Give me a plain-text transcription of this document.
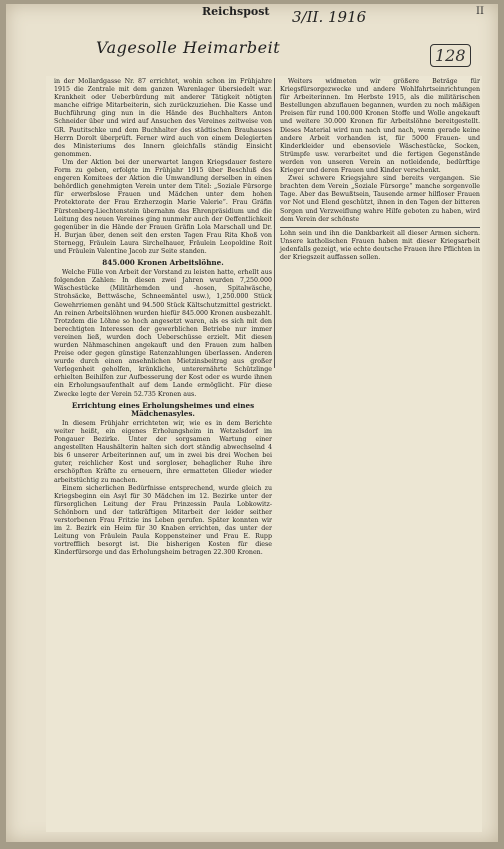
Reichspost 3/II. 1916	II
Vagesolle Heimarbeit	128

in der Mollardgasse Nr. 87 errichtet, wohin schon im Frühjahre 1915 die Zentrale mit dem ganzen Warenlager übersiedelt war. Krankheit oder Ueberbürdung mit anderer Tätigkeit nötigten manche eifrige Mitarbeiterin, sich zurückzuziehen. Die Kasse und Buchführung ging nun in die Hände des Buchhalters Anton Schneider über und wird auf Ansuchen des Vereines zeitweise von GR. Pautitschke und dem Buchhalter des städtischen Brauhauses Herrn Dorolt überprüft. Ferner wird auch von einem Delegierten des Ministeriums des Innern gleichfalls ständig Einsicht genommen.

Um der Aktion bei der unerwartet langen Kriegsdauer festere Form zu geben, erfolgte im Frühjahr 1915 über Beschluß des engeren Komitees der Aktion die Umwandlung derselben in einen behördlich genehmigten Verein unter dem Titel: „Soziale Fürsorge für erwerbslose Frauen und Mädchen unter dem hohen Protektorate der Frau Erzherzogin Marie Valerie“. Frau Gräfin Fürstenberg-Liechtenstein übernahm das Ehrenpräsidium und die Leitung des neuen Vereines ging nunmehr auch der Oeffentlichkeit gegenüber in die Hände der Frauen Gräfin Lola Marschall und Dr. H. Burjan über, denen seit den ersten Tagen Frau Rita Khoß von Sternegg, Fräulein Laura Sirchelhauer, Fräulein Leopoldine Roit und Fräulein Valentine Jacob zur Seite standen.

845.000 Kronen Arbeitslöhne.

Welche Fülle von Arbeit der Vorstand zu leisten hatte, erhellt aus folgenden Zahlen: In diesen zwei Jahren wurden 7,250.000 Wäschestücke (Militärhemden und -hosen, Spitalwäsche, Strohsäcke, Bettwäsche, Schneemäntel usw.), 1,250.000 Stück Gewehrriemen genäht und 94.500 Stück Kältschutzmittel gestrickt. An reinen Arbeitslöhnen wurden hiefür 845.000 Kronen ausbezahlt. Trotzdem die Löhne so hoch angesetzt waren, als es sich mit den berechtigten Interessen der gewerblichen Betriebe nur immer vereinen ließ, wurden doch Ueberschüsse erzielt. Mit diesen wurden Nähmaschinen angekauft und den Frauen zum halben Preise oder gegen günstige Ratenzahlungen überlassen. Anderen wurde durch einen ansehnlichen Mietzinsbeitrag aus großer Verlegenheit geholfen, kränkliche, unterernährte Schützlinge erhielten Beihilfen zur Aufbesserung der Kost oder es wurde ihnen ein Erholungsaufenthalt auf dem Lande ermöglicht. Für diese Zwecke legte der Verein 52.735 Kronen aus.

Errichtung eines Erholungsheimes und eines Mädchenasyles.

In diesem Frühjahr errichteten wir, wie es in dem Berichte weiter heißt, ein eigenes Erholungsheim in Wetzelsdorf im Pongauer Bezirke. Unter der sorgsamen Wartung einer angestellten Haushälterin halten sich dort ständig abwechselnd 4 bis 6 unserer Arbeiterinnen auf, um in zwei bis drei Wochen bei guter, reichlicher Kost und sorgloser, behaglicher Ruhe ihre erschöpften Kräfte zu erneuern, ihre ermatteten Glieder wieder arbeitstüchtig zu machen.

Einem sicherlichen Bedürfnisse entsprechend, wurde gleich zu Kriegsbeginn ein Asyl für 30 Mädchen im 12. Bezirke unter der fürsorglichen Leitung der Frau Prinzessin Paula Lobkowitz-Schönborn und der tatkräftigen Mitarbeit der leider seither verstorbenen Frau Fritzie ins Leben gerufen. Später konnten wir im 2. Bezirk ein Heim für 30 Knaben errichten, das unter der Leitung von Fräulein Paula Koppensteiner und Frau E. Rupp vortrefflich besorgt ist. Die bisherigen Kosten für diese Kinderfürsorge und das Erholungsheim betragen 22.300 Kronen.

Weiters widmeten wir größere Beträge für Kriegsfürsorgezwecke und andere Wohlfahrtseinrichtungen für Arbeiterinnen. Im Herbste 1915, als die militärischen Bestellungen abzuflauen begannen, wurden zu noch mäßigen Preisen für rund 100.000 Kronen Stoffe und Wolle angekauft und weitere 30.000 Kronen für Arbeitslöhne bereitgestellt. Dieses Material wird nun nach und nach, wenn gerade keine andere Arbeit vorhanden ist, für 5000 Frauen- und Kinderkleider und ebensoviele Wäschestücke, Socken, Strümpfe usw. verarbeitet und die fertigen Gegenstände werden von unseren Verein an notleidende, bedürftige Krieger und deren Frauen und Kinder verschenkt.

Zwei schwere Kriegsjahre sind bereits vergangen. Sie brachten dem Verein „Soziale Fürsorge“ manche sorgenvolle Tage. Aber das Bewußtsein, Tausende armer hilfloser Frauen vor Not und Elend geschützt, ihnen in den Tagen der bitteren Sorgen und Verzweiflung wahre Hilfe geboten zu haben, wird dem Verein der schönste

Lohn sein und ihn die Dankbarkeit all dieser Armen sichern. Unsere katholischen Frauen haben mit dieser Kriegsarbeit jedenfalls gezeigt, wie echte deutsche Frauen ihre Pflichten in der Kriegszeit auffassen sollen.
